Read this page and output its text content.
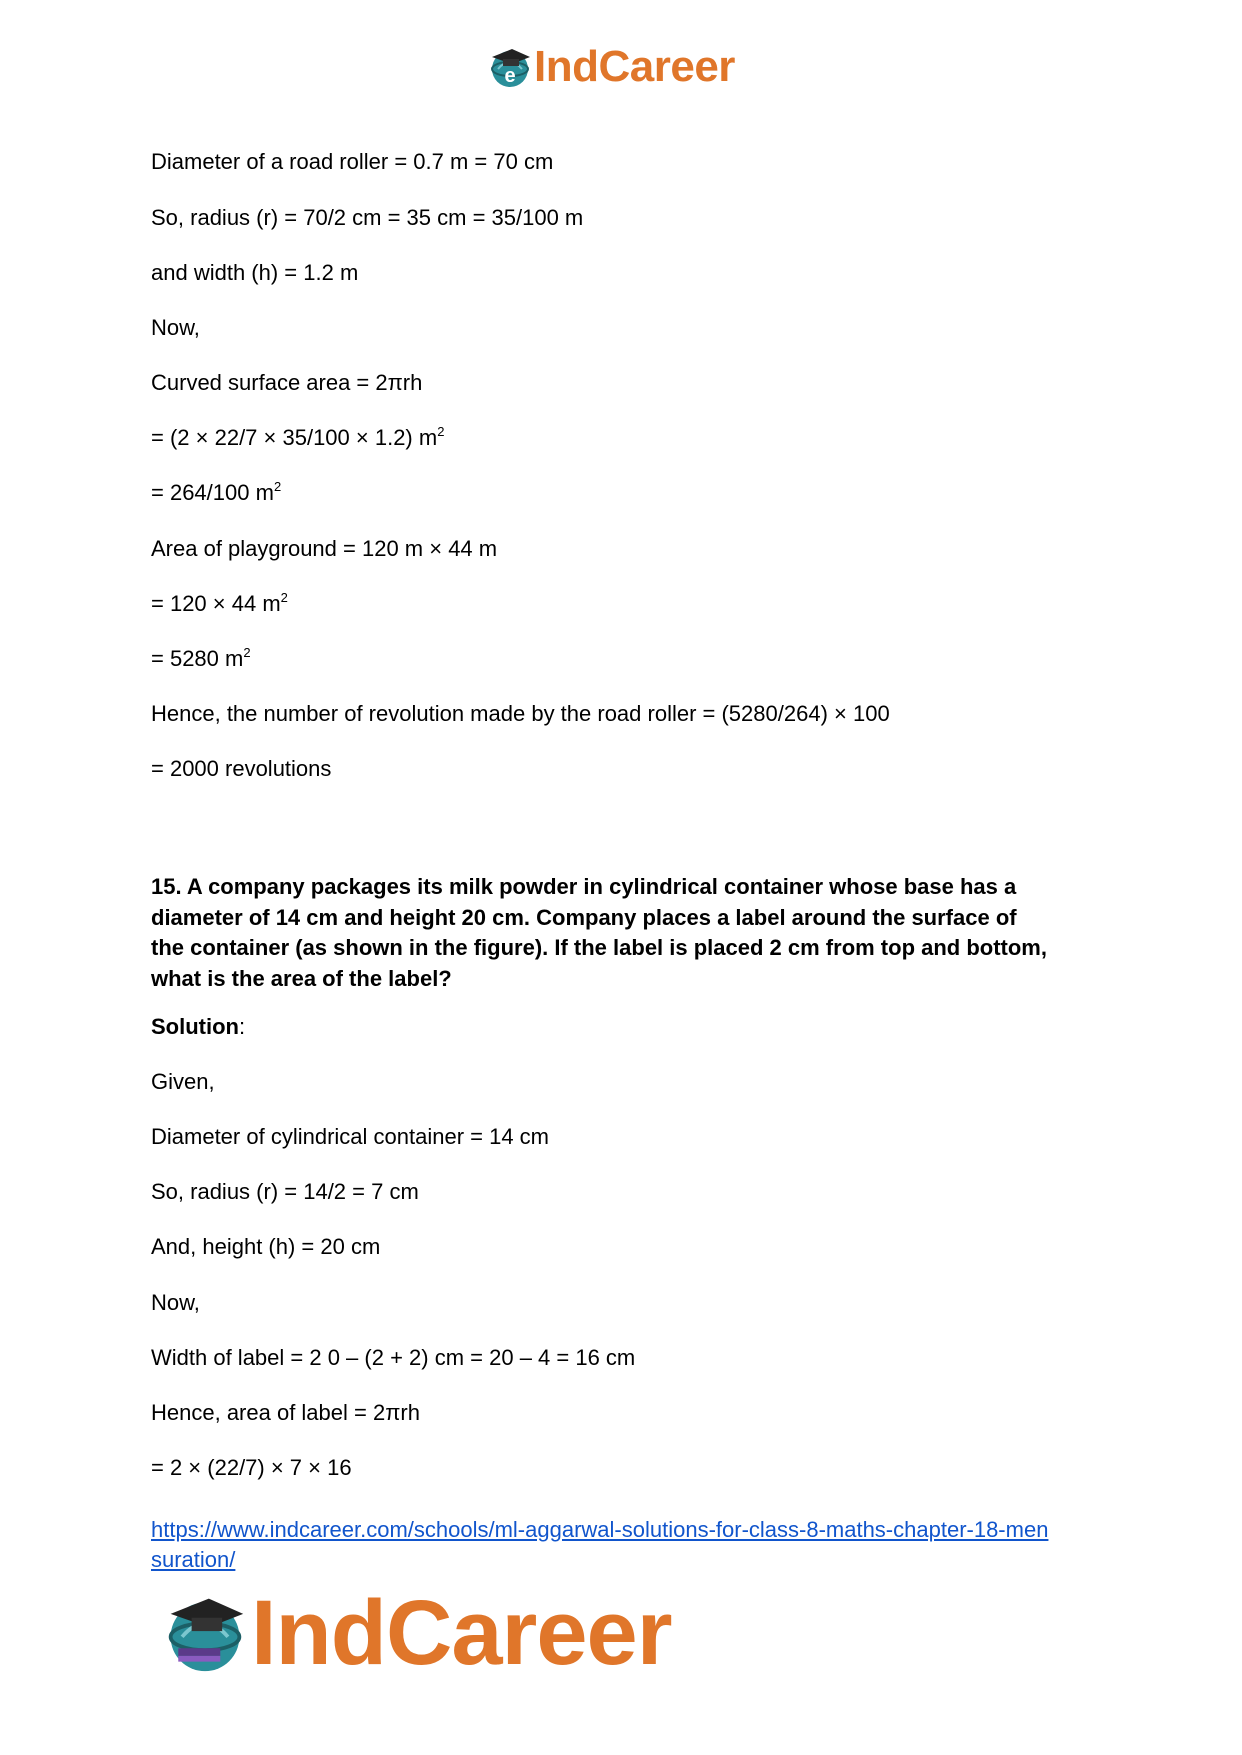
e IndCareer
Diameter of a road roller = 0.7 m = 70 cm
So, radius (r) = 70/2 cm = 35 cm = 35/100 m
and width (h) = 1.2 m
Now,
Curved surface area = 2πrh
= (2 × 22/7 × 35/100 × 1.2) $m^2$
= 264/100 $m^2$
Area of playground = 120 m × 44 m
= 120 × 44 $m^2$
= 5280 $m^2$
Hence, the number of revolution made by the road roller = (5280/264) × 100
= 2000 revolutions
15. A company packages its milk powder in cylindrical container whose base has a
diameter of 14 cm and height 20 cm. Company places a label around the surface of
the container (as shown in the figure). If the label is placed 2 cm from top and bottom,
what is the area of the label?
Solution:
Given,
Diameter of cylindrical container = 14 cm
So, radius (r) = 14/2 = 7 cm
And, height (h) = 20 cm
Now,
Width of label = 2 0 – (2 + 2) cm = 20 – 4 = 16 cm
Hence, area of label = 2πrh
= 2 × (22/7) × 7 × 16
https://www.indcareer.com/schools/ml-aggarwal-solutions-for-class-8-maths-chapter-18-men
suration/
IndCareer
